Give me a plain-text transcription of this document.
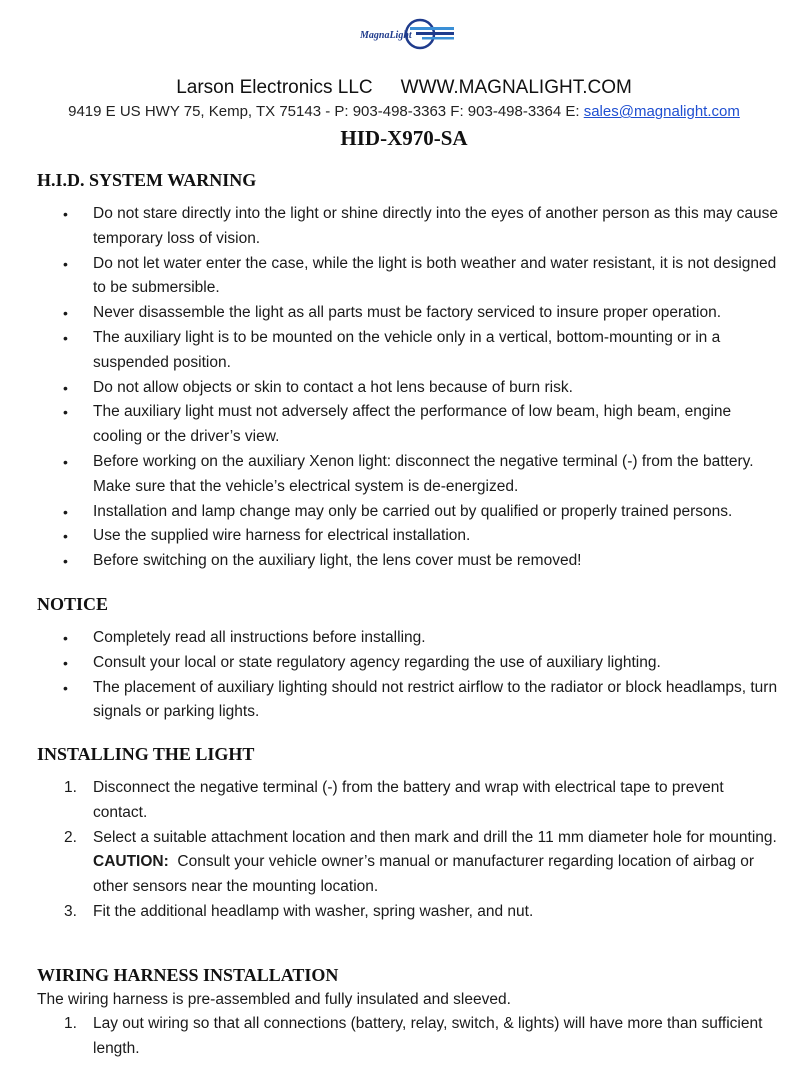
MagnaLight
Larson Electronics LLC WWW.MAGNALIGHT.COM
9419 E US HWY 75, Kemp, TX 75143 - P: 903-498-3363 F: 903-498-3364 E: sales@magnalight.com
HID-X970-SA
H.I.D. SYSTEM WARNING
•	Do not stare directly into the light or shine directly into the eyes of another person as this may cause temporary loss of vision.
•	Do not let water enter the case, while the light is both weather and water resistant, it is not designed to be submersible.
•	Never disassemble the light as all parts must be factory serviced to insure proper operation.
•	The auxiliary light is to be mounted on the vehicle only in a vertical, bottom-mounting or in a suspended position.
•	Do not allow objects or skin to contact a hot lens because of burn risk.
•	The auxiliary light must not adversely affect the performance of low beam, high beam, engine cooling or the driver’s view.
•	Before working on the auxiliary Xenon light: disconnect the negative terminal (-) from the battery. Make sure that the vehicle’s electrical system is de-energized.
•	Installation and lamp change may only be carried out by qualified or properly trained persons.
•	Use the supplied wire harness for electrical installation.
•	Before switching on the auxiliary light, the lens cover must be removed!
NOTICE
•	Completely read all instructions before installing.
•	Consult your local or state regulatory agency regarding the use of auxiliary lighting.
•	The placement of auxiliary lighting should not restrict airflow to the radiator or block headlamps, turn signals or parking lights.
INSTALLING THE LIGHT
1.	Disconnect the negative terminal (-) from the battery and wrap with electrical tape to prevent contact.
2.	Select a suitable attachment location and then mark and drill the 11 mm diameter hole for mounting.
CAUTION:  Consult your vehicle owner’s manual or manufacturer regarding location of airbag or other sensors near the mounting location.
3.	Fit the additional headlamp with washer, spring washer, and nut.
WIRING HARNESS INSTALLATION

The wiring harness is pre-assembled and fully insulated and sleeved.

1.	Lay out wiring so that all connections (battery, relay, switch, & lights) will have more than sufficient length.
